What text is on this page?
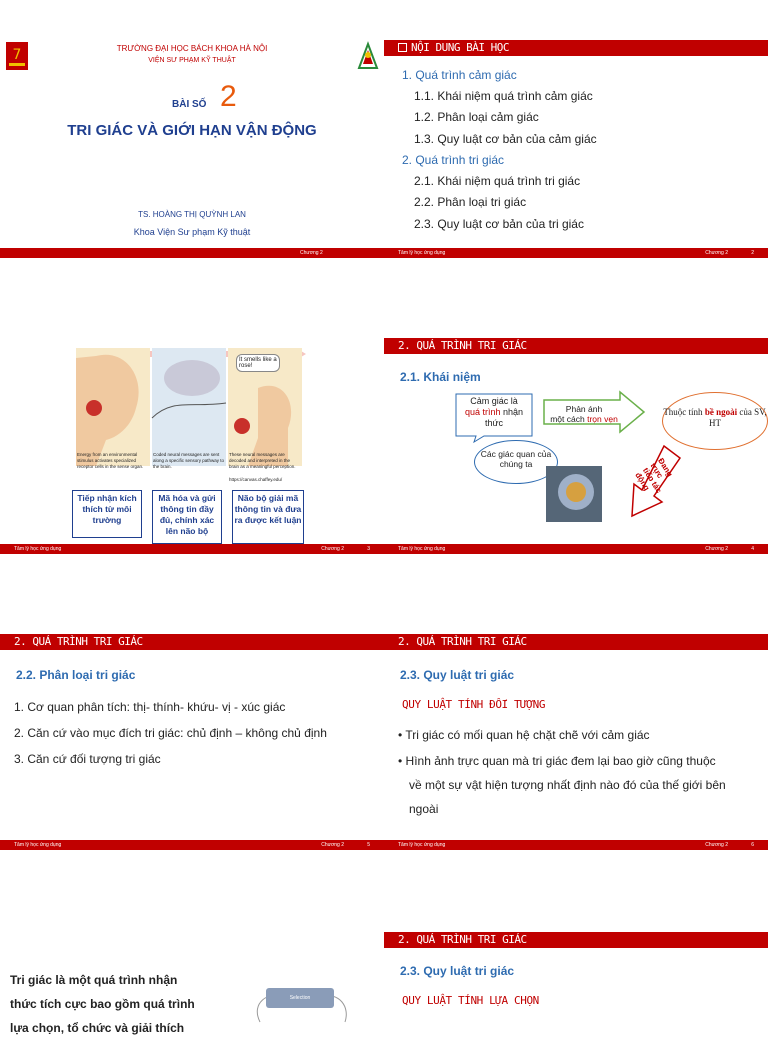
7	TRƯỜNG ĐẠI HỌC BÁCH KHOA HÀ NỘI
VIỆN SƯ PHẠM KỸ THUẬT
BÀI SỐ 2
TRI GIÁC VÀ GIỚI HẠN VẬN ĐỘNG
TS. HOÀNG THỊ QUỲNH LAN
Khoa Viện Sư phạm Kỹ thuật
Chương 2
NỘI DUNG BÀI HỌC
1. Quá trình cảm giác
1.1. Khái niệm quá trình cảm giác
1.2. Phân loại cảm giác
1.3. Quy luật cơ bản của cảm giác
2. Quá trình tri giác
2.1. Khái niệm quá trình tri giác
2.2. Phân loại tri giác
2.3. Quy luật cơ bản của tri giác
Tâm lý học ứng dụng	Chương 2	2
It smells like a rose!
Energy from an environmental stimulus activates specialized receptor cells in the sense organ.
Coded neural messages are sent along a specific sensory pathway to the brain.
These neural messages are decoded and interpreted in the brain as a meaningful perception.
https://canvas.chaffey.edu/
Tiếp nhận kích thích từ môi trường
Mã hóa và gửi thông tin đầy đủ, chính xác lên não bộ
Não bộ giải mã thông tin và đưa ra được kết luận
Tâm lý học ứng dụng	Chương 2	3
2. QUÁ TRÌNH TRI GIÁC
2.1. Khái niệm
Cảm giác là
quá trình nhận thức
Phản ánh
một cách trọn vẹn
Thuộc tính bề ngoài của SV, HT
Các giác quan của chúng ta	Đang trực tiếp tác động
Tâm lý học ứng dụng	Chương 2	4
2. QUÁ TRÌNH TRI GIÁC
2.2. Phân loại tri giác
1. Cơ quan phân tích: thị- thính- khứu- vị - xúc giác
2. Căn cứ vào mục đích tri giác: chủ định – không chủ định
3. Căn cứ đối tượng tri giác
Tâm lý học ứng dụng	Chương 2	5
2. QUÁ TRÌNH TRI GIÁC
2.3. Quy luật tri giác
QUY LUẬT TÍNH ĐỐI TƯỢNG
• Tri giác có mối quan hệ chặt chẽ với cảm giác
• Hình ảnh trực quan mà tri giác đem lại bao giờ cũng thuộc
về một sự vật hiện tượng nhất định nào đó của thế giới bên
ngoài
Tâm lý học ứng dụng	Chương 2	6
Tri giác là một quá trình nhận
thức tích cực bao gồm quá trình
lựa chọn, tổ chức và giải thích
Selection
2. QUÁ TRÌNH TRI GIÁC
2.3. Quy luật tri giác
QUY LUẬT TÍNH LỰA CHỌN
